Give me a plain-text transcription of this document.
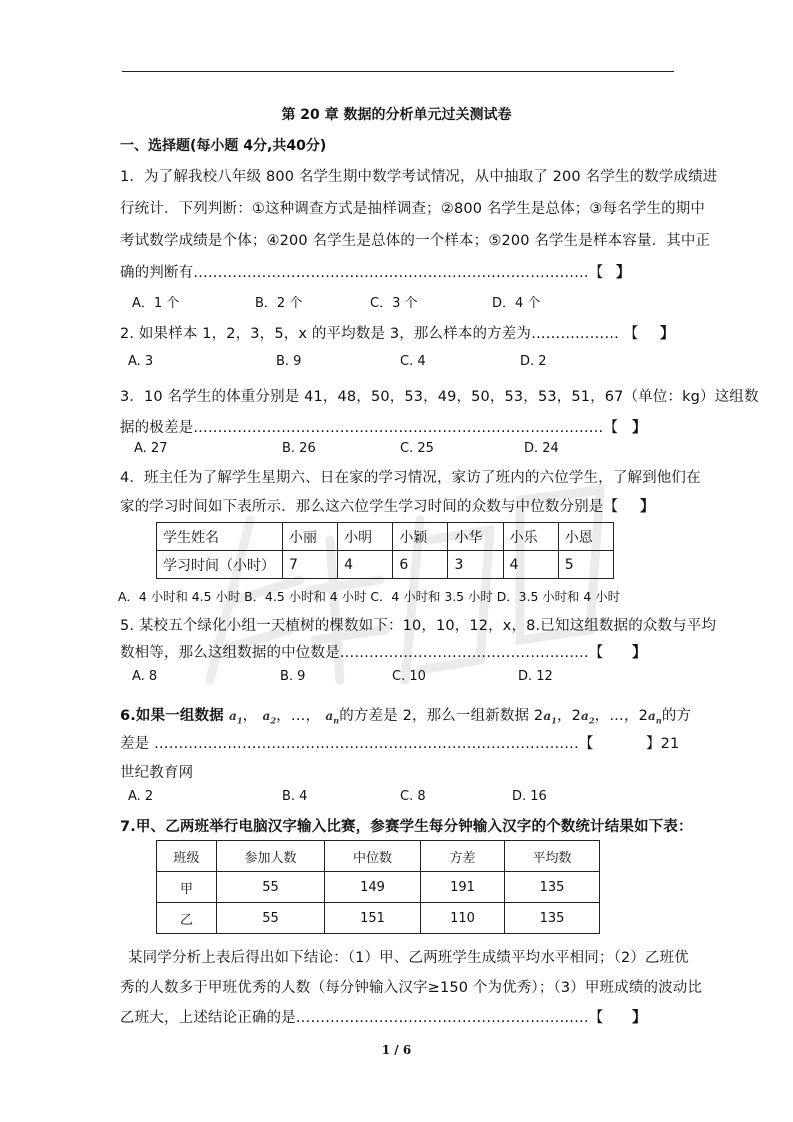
第 20 章 数据的分析单元过关测试卷
一、选择题(每小题 4分,共40分)
1．为了解我校八年级 800 名学生期中数学考试情况，从中抽取了 200 名学生的数学成绩进
行统计．下列判断：①这种调查方式是抽样调查；②800 名学生是总体；③每名学生的期中
考试数学成绩是个体；④200 名学生是总体的一个样本；⑤200 名学生是样本容量．其中正
确的判断有………………………………………………………………………【 】
A．1 个	B．2 个	C．3 个	D．4 个
2. 如果样本 1，2，3，5，x 的平均数是 3，那么样本的方差为……………… 【 】
A. 3	B. 9	C. 4	D. 2
3．10 名学生的体重分别是 41，48，50，53，49，50，53，53，51，67（单位：kg）这组数
据的极差是…………………………………………………………………………【 】
A. 27	B. 26	C. 25	D. 24
4．班主任为了解学生星期六、日在家的学习情况，家访了班内的六位学生，了解到他们在
家的学习时间如下表所示．那么这六位学生学习时间的众数与中位数分别是【 】
学生姓名	小丽	小明	小颖	小华	小乐	小恩
学习时间（小时）	7	4	6	3	4	5
A．4 小时和 4.5 小时 B．4.5 小时和 4 小时 C．4 小时和 3.5 小时 D．3.5 小时和 4 小时
5. 某校五个绿化小组一天植树的棵数如下：10，10，12，x，8.已知这组数据的众数与平均
数相等，那么这组数据的中位数是……………………………………………【 】
A. 8	B. 9	C. 10	D. 12
6.如果一组数据 $a_1$， $a_2$，…， $a_n$的方差是 2，那么一组新数据 $2a_1$，$2a_2$，…，$2a_n$的方
差是 ……………………………………………………………………………【	】21
世纪教育网
A. 2	B. 4	C. 8	D. 16
7.甲、乙两班举行电脑汉字输入比赛，参赛学生每分钟输入汉字的个数统计结果如下表：
班级	参加人数	中位数	方差	平均数
甲	55	149	191	135
乙	55	151	110	135
某同学分析上表后得出如下结论：（1）甲、乙两班学生成绩平均水平相同；（2）乙班优
秀的人数多于甲班优秀的人数（每分钟输入汉字≥150 个为优秀）；（3）甲班成绩的波动比
乙班大，上述结论正确的是……………………………………………………【 】
1 / 6
